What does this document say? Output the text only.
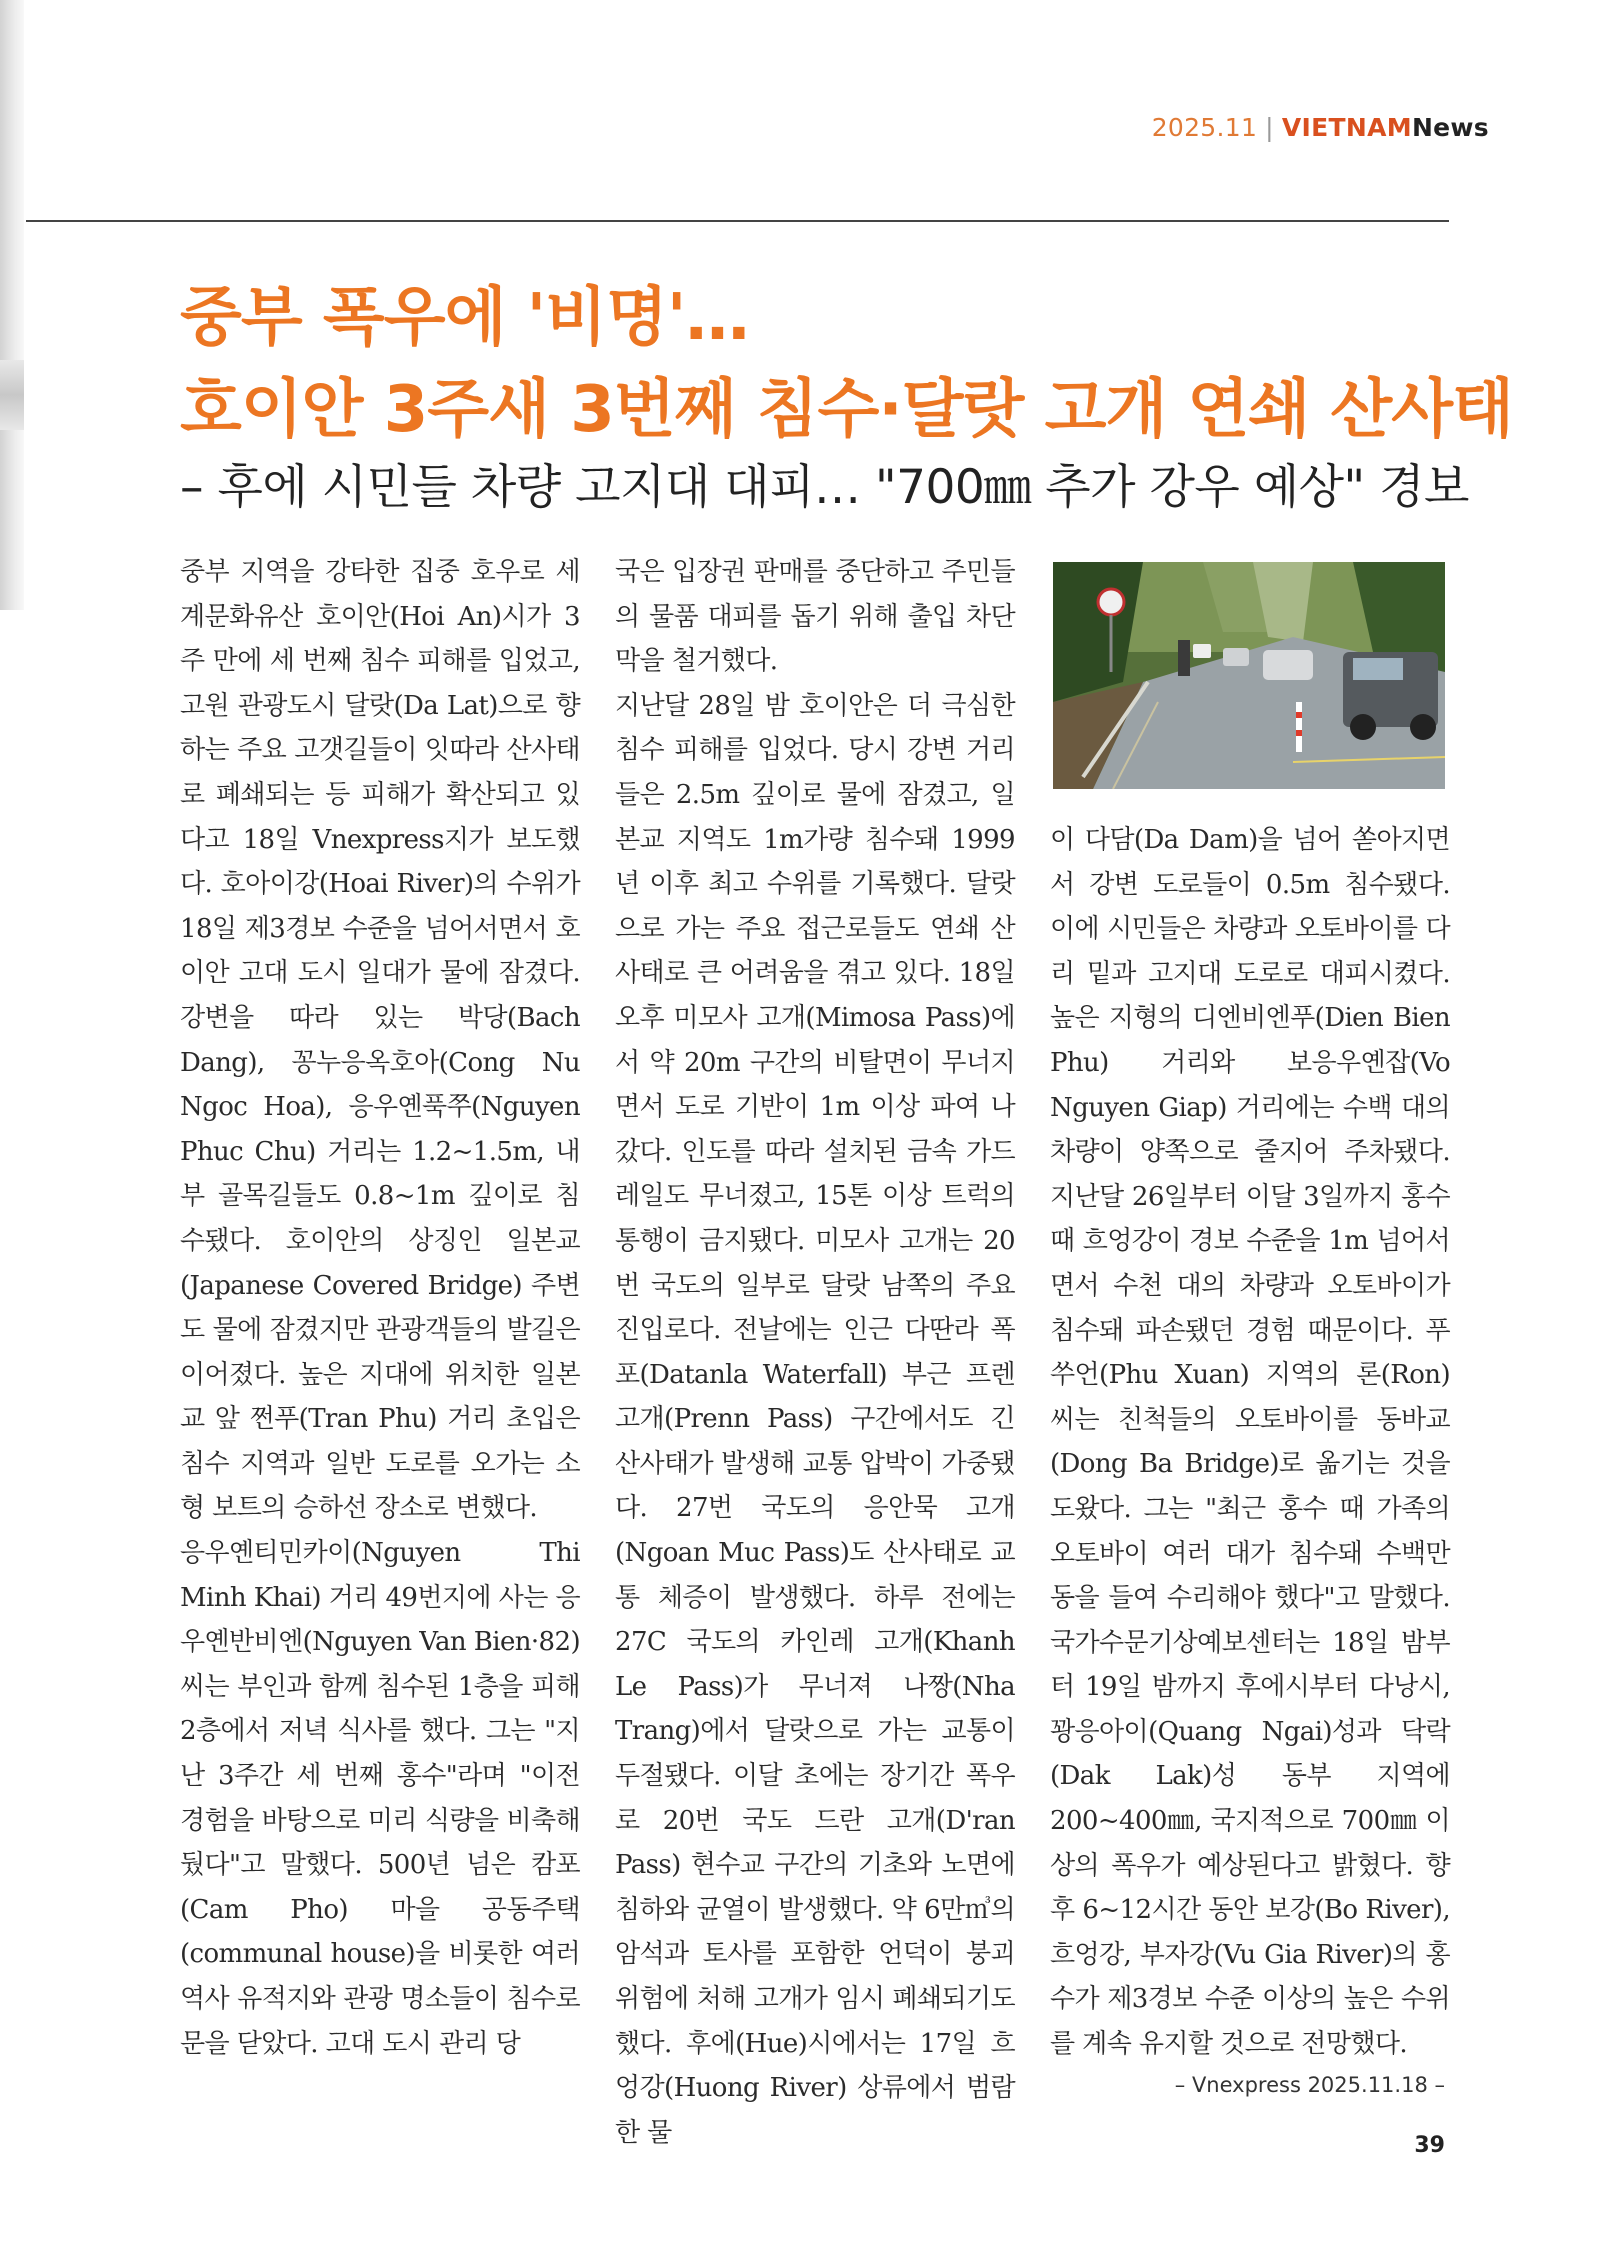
2025.11 | VIETNAMNews
중부 폭우에 '비명'…
호이안 3주새 3번째 침수·달랏 고개 연쇄 산사태
– 후에 시민들 차량 고지대 대피… "700㎜ 추가 강우 예상" 경보

중부 지역을 강타한 집중 호우로 세계문화유산 호이안(Hoi An)시가 3주 만에 세 번째 침수 피해를 입었고, 고원 관광도시 달랏(Da Lat)으로 향하는 주요 고갯길들이 잇따라 산사태로 폐쇄되는 등 피해가 확산되고 있다고 18일 Vnexpress지가 보도했다. 호아이강(Hoai River)의 수위가 18일 제3경보 수준을 넘어서면서 호이안 고대 도시 일대가 물에 잠겼다. 강변을 따라 있는 박당(Bach Dang), 꽁누응옥호아(Cong Nu Ngoc Hoa), 응우옌푹쭈(Nguyen Phuc Chu) 거리는 1.2~1.5m, 내부 골목길들도 0.8~1m 깊이로 침수됐다. 호이안의 상징인 일본교(Japanese Covered Bridge) 주변도 물에 잠겼지만 관광객들의 발길은 이어졌다. 높은 지대에 위치한 일본교 앞 쩐푸(Tran Phu) 거리 초입은 침수 지역과 일반 도로를 오가는 소형 보트의 승하선 장소로 변했다.

응우옌티민카이(Nguyen Thi Minh Khai) 거리 49번지에 사는 응우옌반비엔(Nguyen Van Bien·82) 씨는 부인과 함께 침수된 1층을 피해 2층에서 저녁 식사를 했다. 그는 "지난 3주간 세 번째 홍수"라며 "이전 경험을 바탕으로 미리 식량을 비축해뒀다"고 말했다. 500년 넘은 캄포(Cam Pho) 마을 공동주택(communal house)을 비롯한 여러 역사 유적지와 관광 명소들이 침수로 문을 닫았다. 고대 도시 관리 당

국은 입장권 판매를 중단하고 주민들의 물품 대피를 돕기 위해 출입 차단막을 철거했다.

지난달 28일 밤 호이안은 더 극심한 침수 피해를 입었다. 당시 강변 거리들은 2.5m 깊이로 물에 잠겼고, 일본교 지역도 1m가량 침수돼 1999년 이후 최고 수위를 기록했다. 달랏으로 가는 주요 접근로들도 연쇄 산사태로 큰 어려움을 겪고 있다. 18일 오후 미모사 고개(Mimosa Pass)에서 약 20m 구간의 비탈면이 무너지면서 도로 기반이 1m 이상 파여 나갔다. 인도를 따라 설치된 금속 가드레일도 무너졌고, 15톤 이상 트럭의 통행이 금지됐다. 미모사 고개는 20번 국도의 일부로 달랏 남쪽의 주요 진입로다. 전날에는 인근 다딴라 폭포(Datanla Waterfall) 부근 프렌 고개(Prenn Pass) 구간에서도 긴 산사태가 발생해 교통 압박이 가중됐다. 27번 국도의 응안묵 고개(Ngoan Muc Pass)도 산사태로 교통 체증이 발생했다. 하루 전에는 27C 국도의 카인레 고개(Khanh Le Pass)가 무너져 나짱(Nha Trang)에서 달랏으로 가는 교통이 두절됐다. 이달 초에는 장기간 폭우로 20번 국도 드란 고개(D'ran Pass) 현수교 구간의 기초와 노면에 침하와 균열이 발생했다. 약 6만㎥의 암석과 토사를 포함한 언덕이 붕괴 위험에 처해 고개가 임시 폐쇄되기도 했다. 후에(Hue)시에서는 17일 흐엉강(Huong River) 상류에서 범람한 물

이 다담(Da Dam)을 넘어 쏟아지면서 강변 도로들이 0.5m 침수됐다. 이에 시민들은 차량과 오토바이를 다리 밑과 고지대 도로로 대피시켰다. 높은 지형의 디엔비엔푸(Dien Bien Phu) 거리와 보응우옌잡(Vo Nguyen Giap) 거리에는 수백 대의 차량이 양쪽으로 줄지어 주차됐다. 지난달 26일부터 이달 3일까지 홍수 때 흐엉강이 경보 수준을 1m 넘어서면서 수천 대의 차량과 오토바이가 침수돼 파손됐던 경험 때문이다. 푸쑤언(Phu Xuan) 지역의 론(Ron) 씨는 친척들의 오토바이를 동바교(Dong Ba Bridge)로 옮기는 것을 도왔다. 그는 "최근 홍수 때 가족의 오토바이 여러 대가 침수돼 수백만 동을 들여 수리해야 했다"고 말했다. 국가수문기상예보센터는 18일 밤부터 19일 밤까지 후에시부터 다낭시, 꽝응아이(Quang Ngai)성과 닥락(Dak Lak)성 동부 지역에 200~400㎜, 국지적으로 700㎜ 이상의 폭우가 예상된다고 밝혔다. 향후 6~12시간 동안 보강(Bo River), 흐엉강, 부자강(Vu Gia River)의 홍수가 제3경보 수준 이상의 높은 수위를 계속 유지할 것으로 전망했다.

– Vnexpress 2025.11.18 –
39
